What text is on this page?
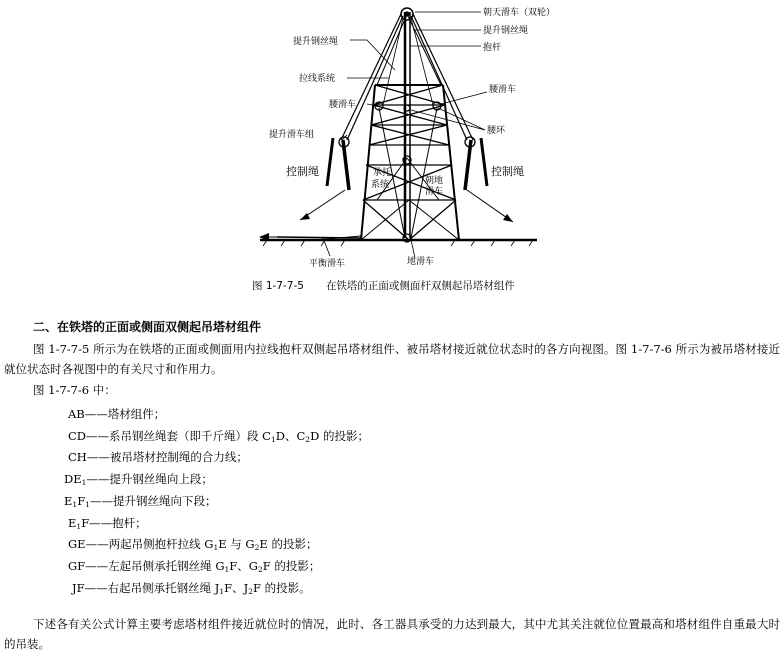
朝天滑车（双轮）
提升钢丝绳
提升钢丝绳
抱杆
拉线系统
腰滑车
腰滑车
提升滑车组	腰环
控制绳	控制绳
承托
系统	朝地
滑车
平衡滑车	地滑车
图 1-7-7-5 在铁塔的正面或侧面杆双侧起吊塔材组件
二、在铁塔的正面或侧面双侧起吊塔材组件
图 1-7-7-5 所示为在铁塔的正面或侧面用内拉线抱杆双侧起吊塔材组件、被吊塔材接近就位状态时的各方向视图。图 1-7-7-6 所示为被吊塔材接近就位状态时各视图中的有关尺寸和作用力。
图 1-7-7-6 中：
AB——塔材组件；
CD——系吊钢丝绳套（即千斤绳）段 $C_1D$、$C_2D$ 的投影；
CH——被吊塔材控制绳的合力线；
$DE_1——$提升钢丝绳向上段；
$E_1F_1——$提升钢丝绳向下段；
$E_1F——$抱杆；
GE——两起吊侧抱杆拉线 $G_1E$ 与 $G_2E$ 的投影；
GF——左起吊侧承托钢丝绳 $G_1F$、$G_2F$ 的投影；
JF——右起吊侧承托钢丝绳 $J_1F$、$J_2F$ 的投影。
下述各有关公式计算主要考虑塔材组件接近就位时的情况，此时、各工器具承受的力达到最大，其中尤其关注就位位置最高和塔材组件自重最大时的吊装。
